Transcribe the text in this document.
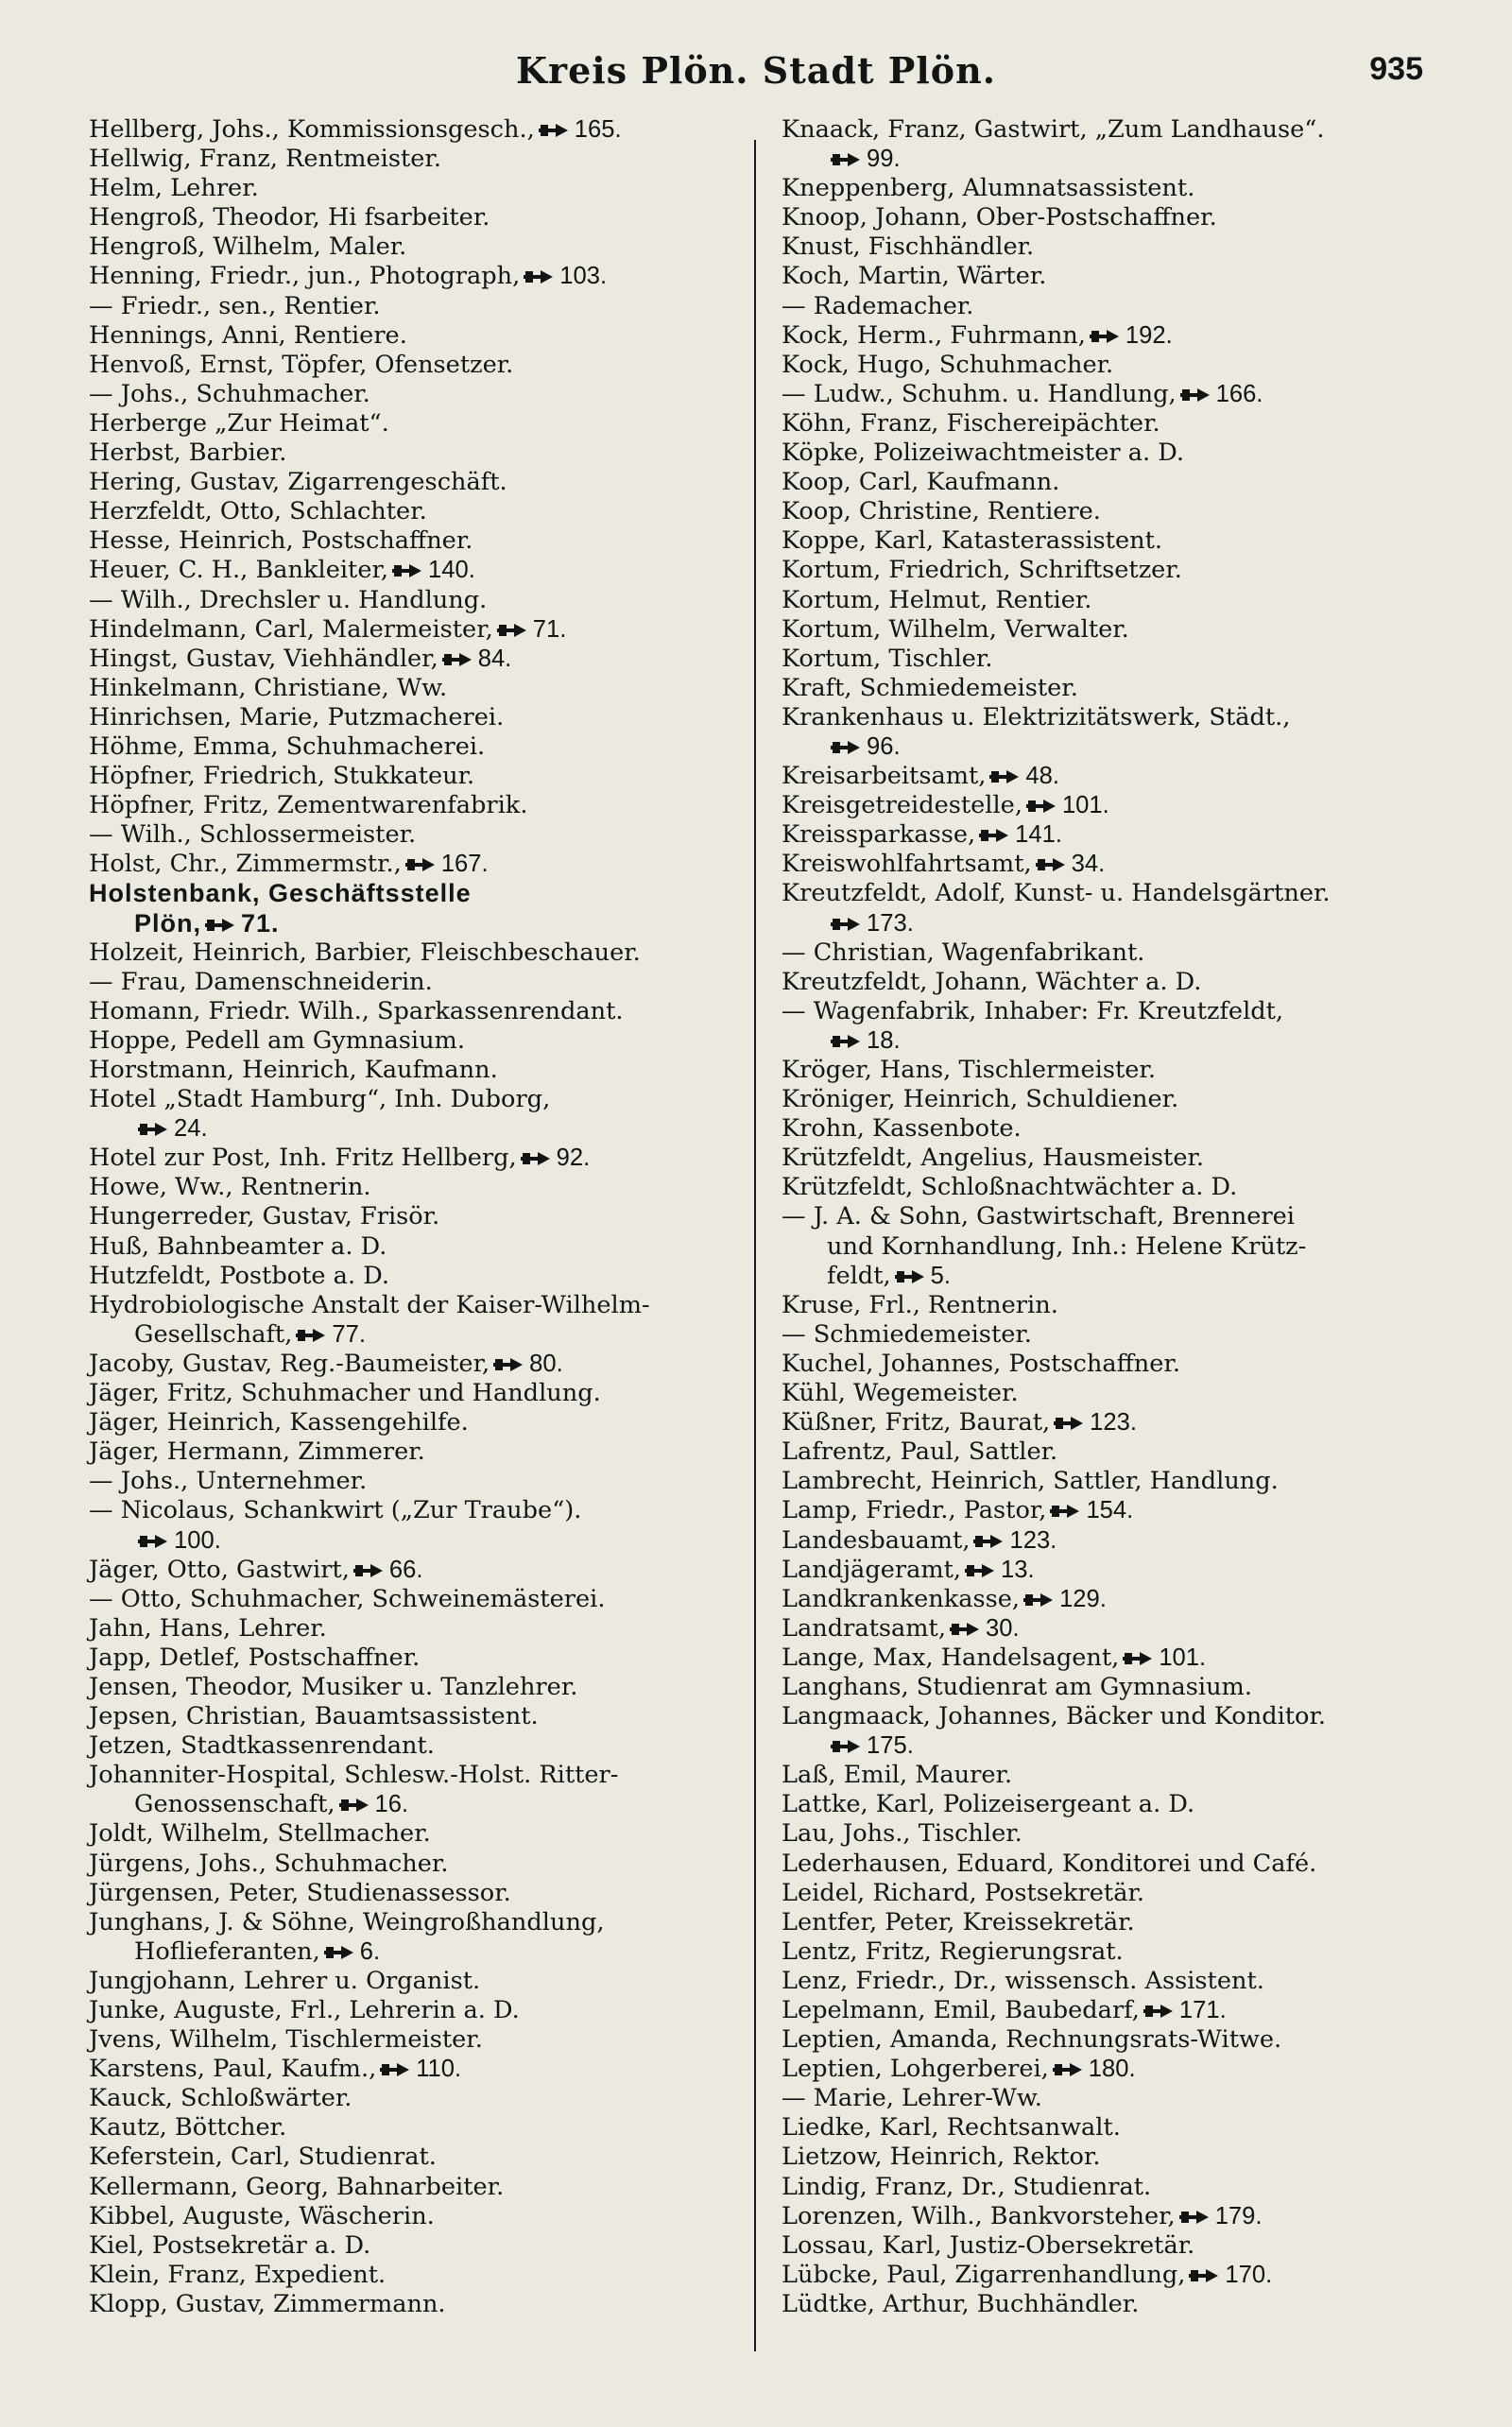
Kreis Plön. Stadt Plön.	935
Hellberg, Johs., Kommissionsgesch., 165.
Hellwig, Franz, Rentmeister.
Helm, Lehrer.
Hengroß, Theodor, Hi fsarbeiter.
Hengroß, Wilhelm, Maler.
Henning, Friedr., jun., Photograph, 103.
— Friedr., sen., Rentier.
Hennings, Anni, Rentiere.
Henvoß, Ernst, Töpfer, Ofensetzer.
— Johs., Schuhmacher.
Herberge „Zur Heimat“.
Herbst, Barbier.
Hering, Gustav, Zigarrengeschäft.
Herzfeldt, Otto, Schlachter.
Hesse, Heinrich, Postschaffner.
Heuer, C. H., Bankleiter, 140.
— Wilh., Drechsler u. Handlung.
Hindelmann, Carl, Malermeister, 71.
Hingst, Gustav, Viehhändler, 84.
Hinkelmann, Christiane, Ww.
Hinrichsen, Marie, Putzmacherei.
Höhme, Emma, Schuhmacherei.
Höpfner, Friedrich, Stukkateur.
Höpfner, Fritz, Zementwarenfabrik.
— Wilh., Schlossermeister.
Holst, Chr., Zimmermstr., 167.
Holstenbank, Geschäftsstelle
Plön, 71.
Holzeit, Heinrich, Barbier, Fleischbeschauer.
— Frau, Damenschneiderin.
Homann, Friedr. Wilh., Sparkassenrendant.
Hoppe, Pedell am Gymnasium.
Horstmann, Heinrich, Kaufmann.
Hotel „Stadt Hamburg“, Inh. Duborg,
24.
Hotel zur Post, Inh. Fritz Hellberg, 92.
Howe, Ww., Rentnerin.
Hungerreder, Gustav, Frisör.
Huß, Bahnbeamter a. D.
Hutzfeldt, Postbote a. D.
Hydrobiologische Anstalt der Kaiser-Wilhelm-
Gesellschaft, 77.
Jacoby, Gustav, Reg.-Baumeister, 80.
Jäger, Fritz, Schuhmacher und Handlung.
Jäger, Heinrich, Kassengehilfe.
Jäger, Hermann, Zimmerer.
— Johs., Unternehmer.
— Nicolaus, Schankwirt („Zur Traube“).
100.
Jäger, Otto, Gastwirt, 66.
— Otto, Schuhmacher, Schweinemästerei.
Jahn, Hans, Lehrer.
Japp, Detlef, Postschaffner.
Jensen, Theodor, Musiker u. Tanzlehrer.
Jepsen, Christian, Bauamtsassistent.
Jetzen, Stadtkassenrendant.
Johanniter-Hospital, Schlesw.-Holst. Ritter-
Genossenschaft, 16.
Joldt, Wilhelm, Stellmacher.
Jürgens, Johs., Schuhmacher.
Jürgensen, Peter, Studienassessor.
Junghans, J. & Söhne, Weingroßhandlung,
Hoflieferanten, 6.
Jungjohann, Lehrer u. Organist.
Junke, Auguste, Frl., Lehrerin a. D.
Jvens, Wilhelm, Tischlermeister.
Karstens, Paul, Kaufm., 110.
Kauck, Schloßwärter.
Kautz, Böttcher.
Keferstein, Carl, Studienrat.
Kellermann, Georg, Bahnarbeiter.
Kibbel, Auguste, Wäscherin.
Kiel, Postsekretär a. D.
Klein, Franz, Expedient.
Klopp, Gustav, Zimmermann.
Knaack, Franz, Gastwirt, „Zum Landhause“.
99.
Kneppenberg, Alumnatsassistent.
Knoop, Johann, Ober-Postschaffner.
Knust, Fischhändler.
Koch, Martin, Wärter.
— Rademacher.
Kock, Herm., Fuhrmann, 192.
Kock, Hugo, Schuhmacher.
— Ludw., Schuhm. u. Handlung, 166.
Köhn, Franz, Fischereipächter.
Köpke, Polizeiwachtmeister a. D.
Koop, Carl, Kaufmann.
Koop, Christine, Rentiere.
Koppe, Karl, Katasterassistent.
Kortum, Friedrich, Schriftsetzer.
Kortum, Helmut, Rentier.
Kortum, Wilhelm, Verwalter.
Kortum, Tischler.
Kraft, Schmiedemeister.
Krankenhaus u. Elektrizitätswerk, Städt.,
96.
Kreisarbeitsamt, 48.
Kreisgetreidestelle, 101.
Kreissparkasse, 141.
Kreiswohlfahrtsamt, 34.
Kreutzfeldt, Adolf, Kunst- u. Handelsgärtner.
173.
— Christian, Wagenfabrikant.
Kreutzfeldt, Johann, Wächter a. D.
— Wagenfabrik, Inhaber: Fr. Kreutzfeldt,
18.
Kröger, Hans, Tischlermeister.
Kröniger, Heinrich, Schuldiener.
Krohn, Kassenbote.
Krützfeldt, Angelius, Hausmeister.
Krützfeldt, Schloßnachtwächter a. D.
— J. A. & Sohn, Gastwirtschaft, Brennerei
und Kornhandlung, Inh.: Helene Krütz-
feldt, 5.
Kruse, Frl., Rentnerin.
— Schmiedemeister.
Kuchel, Johannes, Postschaffner.
Kühl, Wegemeister.
Küßner, Fritz, Baurat, 123.
Lafrentz, Paul, Sattler.
Lambrecht, Heinrich, Sattler, Handlung.
Lamp, Friedr., Pastor, 154.
Landesbauamt, 123.
Landjägeramt, 13.
Landkrankenkasse, 129.
Landratsamt, 30.
Lange, Max, Handelsagent, 101.
Langhans, Studienrat am Gymnasium.
Langmaack, Johannes, Bäcker und Konditor.
175.
Laß, Emil, Maurer.
Lattke, Karl, Polizeisergeant a. D.
Lau, Johs., Tischler.
Lederhausen, Eduard, Konditorei und Café.
Leidel, Richard, Postsekretär.
Lentfer, Peter, Kreissekretär.
Lentz, Fritz, Regierungsrat.
Lenz, Friedr., Dr., wissensch. Assistent.
Lepelmann, Emil, Baubedarf, 171.
Leptien, Amanda, Rechnungsrats-Witwe.
Leptien, Lohgerberei, 180.
— Marie, Lehrer-Ww.
Liedke, Karl, Rechtsanwalt.
Lietzow, Heinrich, Rektor.
Lindig, Franz, Dr., Studienrat.
Lorenzen, Wilh., Bankvorsteher, 179.
Lossau, Karl, Justiz-Obersekretär.
Lübcke, Paul, Zigarrenhandlung, 170.
Lüdtke, Arthur, Buchhändler.
